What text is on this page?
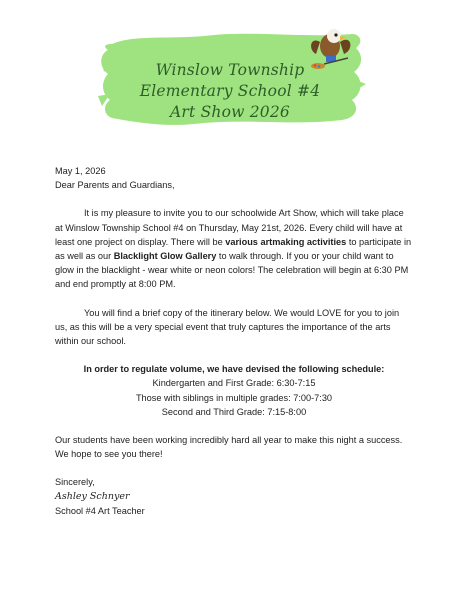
Winslow Township
Elementary School #4
Art Show 2026

May 1, 2026

Dear Parents and Guardians,

It is my pleasure to invite you to our schoolwide Art Show, which will take place at Winslow Township School #4 on Thursday, May 21st, 2026. Every child will have at least one project on display. There will be various artmaking activities to participate in as well as our Blacklight Glow Gallery to walk through. If you or your child want to glow in the blacklight - wear white or neon colors! The celebration will begin at 6:30 PM and end promptly at 8:00 PM.

You will find a brief copy of the itinerary below. We would LOVE for you to join us, as this will be a very special event that truly captures the importance of the arts within our school.

In order to regulate volume, we have devised the following schedule:

Kindergarten and First Grade: 6:30-7:15
Those with siblings in multiple grades: 7:00-7:30
Second and Third Grade: 7:15-8:00

Our students have been working incredibly hard all year to make this night a success.

We hope to see you there!

Sincerely,

Ashley Schnyer

School #4 Art Teacher
